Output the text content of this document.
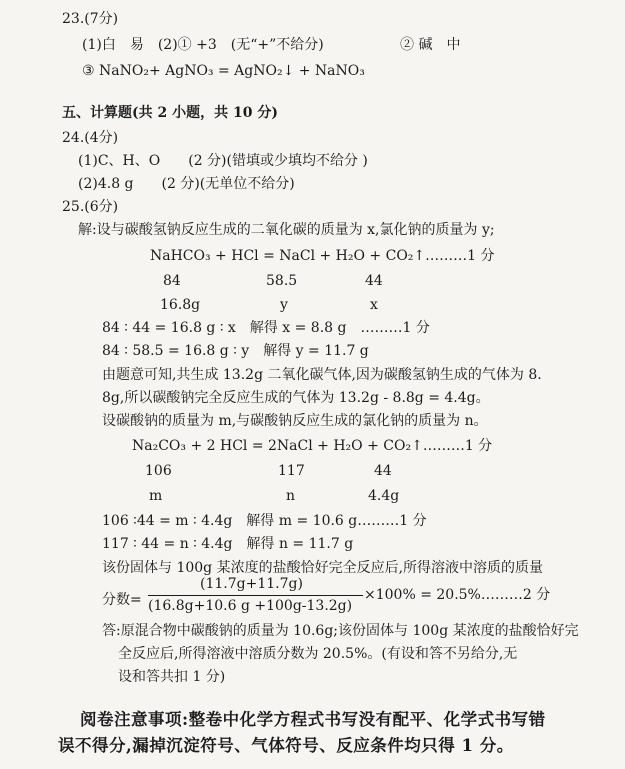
23.(7分)
(1)白　易　(2)① +3　(无“+”不给分)	② 碱　中
③ NaNO₂+ AgNO₃ = AgNO₂↓ + NaNO₃
五、计算题(共 2 小题，共 10 分)
24.(4分)
(1)C、H、O　　(2 分)(错填或少填均不给分 )
(2)4.8 g　　(2 分)(无单位不给分)
25.(6分)
解:设与碳酸氢钠反应生成的二氧化碳的质量为 x,氯化钠的质量为 y;
NaHCO₃ + HCl = NaCl + H₂O + CO₂↑………1 分
84	58.5	44
16.8g	y	x
84 ∶ 44 = 16.8 g ∶ x　解得 x = 8.8 g　………1 分
84 ∶ 58.5 = 16.8 g ∶ y　解得 y = 11.7 g
由题意可知,共生成 13.2g 二氧化碳气体,因为碳酸氢钠生成的气体为 8.
8g,所以碳酸钠完全反应生成的气体为 13.2g - 8.8g = 4.4g。
设碳酸钠的质量为 m,与碳酸钠反应生成的氯化钠的质量为 n。
Na₂CO₃ + 2 HCl = 2NaCl + H₂O + CO₂↑………1 分
106	117	44
m	n	4.4g
106 ∶44 = m ∶ 4.4g　解得 m = 10.6 g………1 分
117 ∶ 44 = n ∶ 4.4g　解得 n = 11.7 g
该份固体与 100g 某浓度的盐酸恰好完全反应后,所得溶液中溶质的质量
分数=
(11.7g+11.7g)
(16.8g+10.6 g +100g-13.2g)
×100% = 20.5%………2 分
答:原混合物中碳酸钠的质量为 10.6g;该份固体与 100g 某浓度的盐酸恰好完
全反应后,所得溶液中溶质分数为 20.5%。(有设和答不另给分,无
设和答共扣 1 分)
阅卷注意事项:整卷中化学方程式书写没有配平、化学式书写错
误不得分,漏掉沉淀符号、气体符号、反应条件均只得 1 分。
